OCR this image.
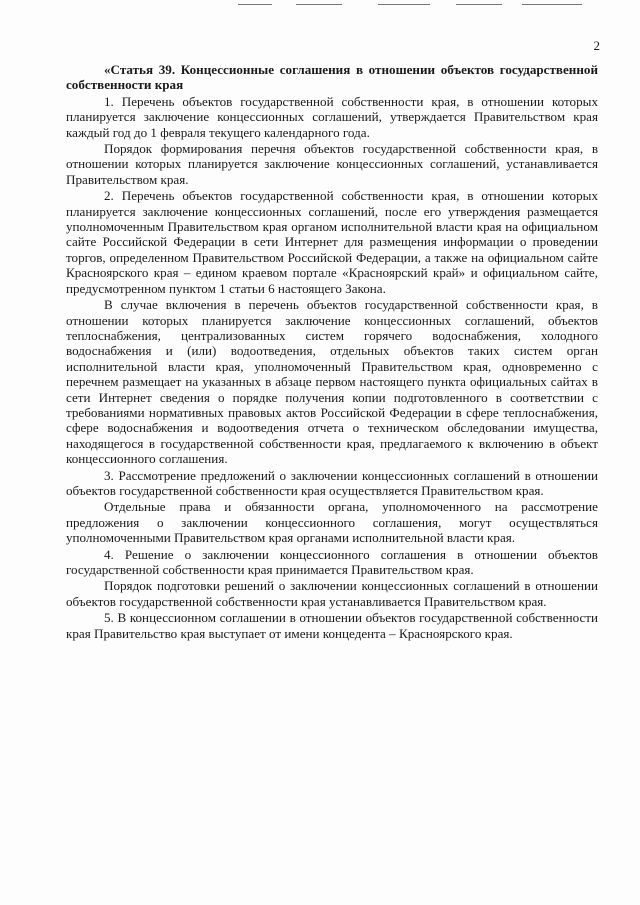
2

«Статья 39. Концессионные соглашения в отношении объектов государственной собственности края

1. Перечень объектов государственной собственности края, в отношении которых планируется заключение концессионных соглашений, утверждается Правительством края каждый год до 1 февраля текущего календарного года.

Порядок формирования перечня объектов государственной собственности края, в отношении которых планируется заключение концессионных соглашений, устанавливается Правительством края.

2. Перечень объектов государственной собственности края, в отношении которых планируется заключение концессионных соглашений, после его утверждения размещается уполномоченным Правительством края органом исполнительной власти края на официальном сайте Российской Федерации в сети Интернет для размещения информации о проведении торгов, определенном Правительством Российской Федерации, а также на официальном сайте Красноярского края – едином краевом портале «Красноярский край» и официальном сайте, предусмотренном пунктом 1 статьи 6 настоящего Закона.

В случае включения в перечень объектов государственной собственности края, в отношении которых планируется заключение концессионных соглашений, объектов теплоснабжения, централизованных систем горячего водоснабжения, холодного водоснабжения и (или) водоотведения, отдельных объектов таких систем орган исполнительной власти края, уполномоченный Правительством края, одновременно с перечнем размещает на указанных в абзаце первом настоящего пункта официальных сайтах в сети Интернет сведения о порядке получения копии подготовленного в соответствии с требованиями нормативных правовых актов Российской Федерации в сфере теплоснабжения, сфере водоснабжения и водоотведения отчета о техническом обследовании имущества, находящегося в государственной собственности края, предлагаемого к включению в объект концессионного соглашения.

3. Рассмотрение предложений о заключении концессионных соглашений в отношении объектов государственной собственности края осуществляется Правительством края.

Отдельные права и обязанности органа, уполномоченного на рассмотрение предложения о заключении концессионного соглашения, могут осуществляться уполномоченными Правительством края органами исполнительной власти края.

4. Решение о заключении концессионного соглашения в отношении объектов государственной собственности края принимается Правительством края.

Порядок подготовки решений о заключении концессионных соглашений в отношении объектов государственной собственности края устанавливается Правительством края.

5. В концессионном соглашении в отношении объектов государственной собственности края Правительство края выступает от имени концедента – Красноярского края.
